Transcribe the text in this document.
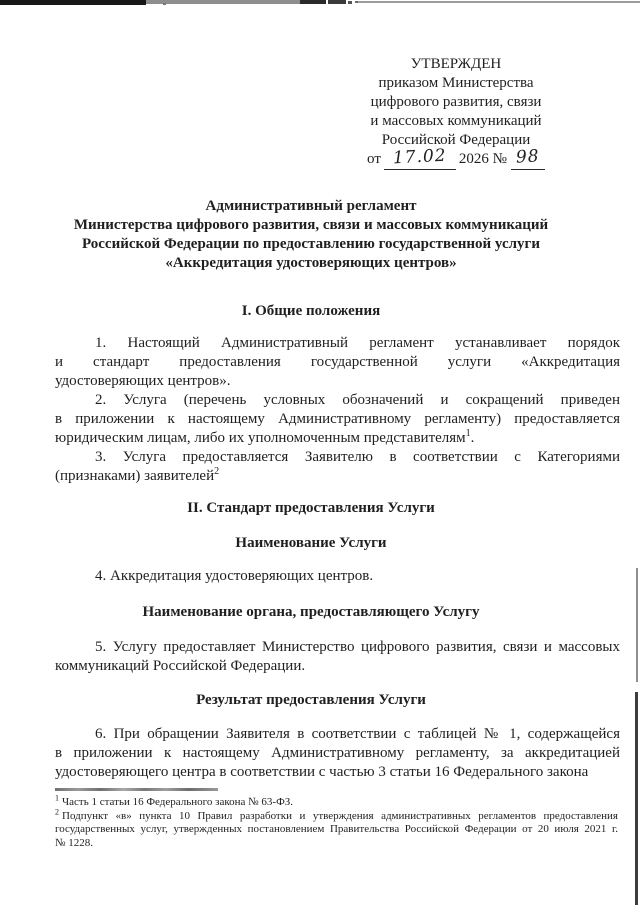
УТВЕРЖДЕН
приказом Министерства
цифрового развития, связи
и массовых коммуникаций
Российской Федерации
от 17.02 2026 № 98
Административный регламент
Министерства цифрового развития, связи и массовых коммуникаций
Российской Федерации по предоставлению государственной услуги
«Аккредитация удостоверяющих центров»
I. Общие положения
1. Настоящий Административный регламент устанавливает порядок
и стандарт предоставления государственной услуги «Аккредитация
удостоверяющих центров».
2. Услуга (перечень условных обозначений и сокращений приведен
в приложении к настоящему Административному регламенту) предоставляется
юридическим лицам, либо их уполномоченным представителям$^1$.
3. Услуга предоставляется Заявителю в соответствии с Категориями
(признаками) заявителей$^2$
II. Стандарт предоставления Услуги
Наименование Услуги
4. Аккредитация удостоверяющих центров.
Наименование органа, предоставляющего Услугу
5. Услугу предоставляет Министерство цифрового развития, связи и массовых
коммуникаций Российской Федерации.
Результат предоставления Услуги
6. При обращении Заявителя в соответствии с таблицей № 1, содержащейся
в приложении к настоящему Административному регламенту, за аккредитацией
удостоверяющего центра в соответствии с частью 3 статьи 16 Федерального закона
$^1$ Часть 1 статьи 16 Федерального закона № 63-ФЗ.
$^2$ Подпункт «в» пункта 10 Правил разработки и утверждения административных регламентов предоставления
государственных услуг, утвержденных постановлением Правительства Российской Федерации от 20 июля 2021 г.
№ 1228.
